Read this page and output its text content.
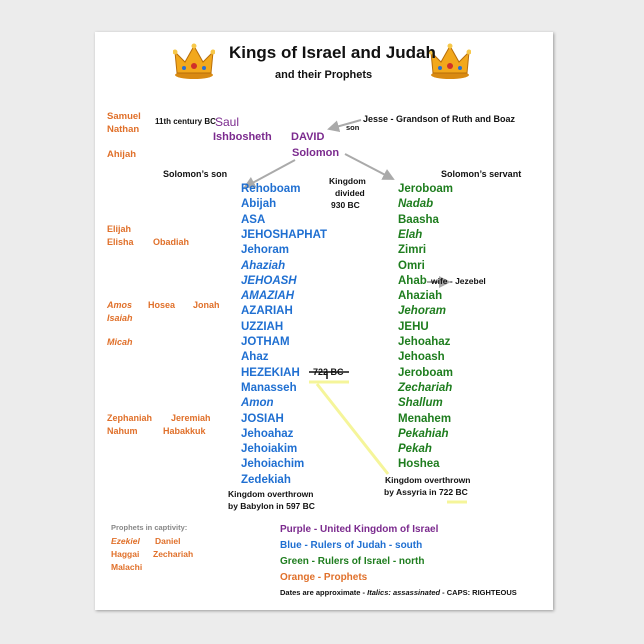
Kings of Israel and Judah
and their Prophets
Samuel
Nathan
Ahijah
11th century BC Saul
Ishbosheth DAVID
son
Jesse - Grandson of Ruth and Boaz
Solomon
Solomon’s son	Solomon’s servant
Kingdom
divided
930 BC
Elijah
Elisha Obadiah
Amos Hosea Jonah
Isaiah
Micah
Zephaniah Jeremiah
Nahum	Habakkuk
Rehoboam
Abijah
ASA
JEHOSHAPHAT
Jehoram
Ahaziah
JEHOASH
AMAZIAH
AZARIAH
UZZIAH
JOTHAM
Ahaz
HEZEKIAH
Manasseh
Amon
JOSIAH
Jehoahaz
Jehoiakim
Jehoiachim
Zedekiah
Jeroboam
Nadab
Baasha
Elah
Zimri
Omri
Ahab
Ahaziah
Jehoram
JEHU
Jehoahaz
Jehoash
Jeroboam
Zechariah
Shallum
Menahem
Pekahiah
Pekah
Hoshea
wife - Jezebel
722 BC
Kingdom overthrown
by Babylon in 597 BC
Kingdom overthrown
by Assyria in 722 BC
Prophets in captivity:
Ezekiel Daniel
Haggai Zechariah
Malachi
Purple - United Kingdom of Israel
Blue - Rulers of Judah - south
Green - Rulers of Israel - north
Orange - Prophets
Dates are approximate - Italics: assassinated - CAPS: RIGHTEOUS
